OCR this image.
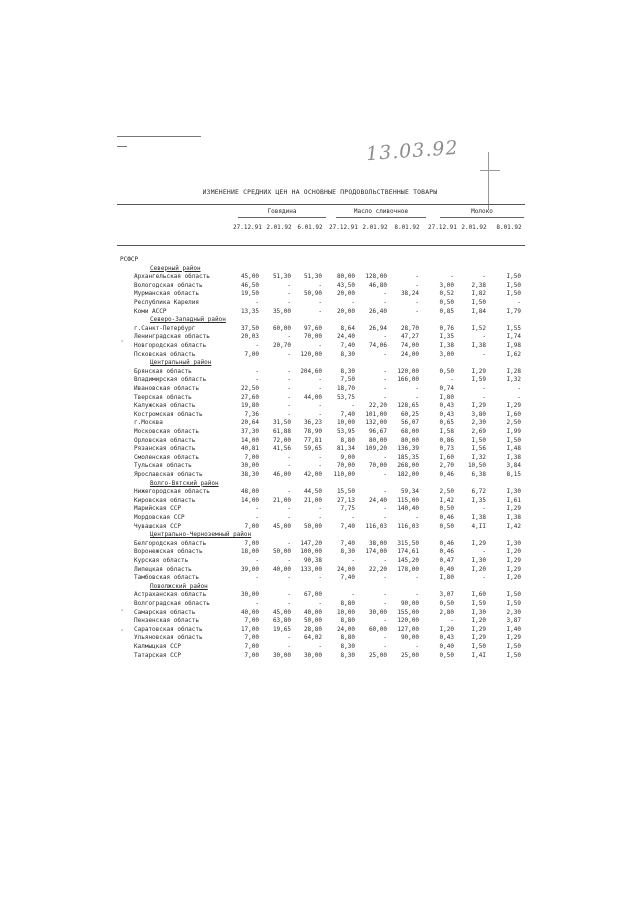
13.03.92
ИЗМЕНЕНИЕ СРЕДНИХ ЦЕН НА ОСНОВНЫЕ ПРОДОВОЛЬСТВЕННЫЕ ТОВАРЫ
Говядина
27.12.91 2.01.92 6.01.92
Масло сливочное
27.12.91 2.01.92 8.01.92
Молоко
27.12.91 2.01.92 8.01.92
РСФСР
Северный район
Архангельская область	45,00	51,30	51,30	80,00	128,00	-	-	-	I,50
Вологодская область	46,50	-	-	43,50	46,80	-	3,00	2,38	I,50
Мурманская область	19,50	-	50,90	20,00	-	38,24	0,52	I,82	I,50
Республика Карелия	-	-	-	-	-	-	0,50	I,50	-
Коми АССР	13,35	35,00	-	20,00	26,40	-	0,85	I,84	I,79
Северо-Западный район
г.Санкт-Петербург	37,50	60,00	97,60	8,64	26,94	28,70	0,76	I,52	I,55
Ленинградская область	20,03	-	70,00	24,40	-	47,27	I,35	-	I,74
Новгородская область	-	20,70	-	7,40	74,06	74,00	I,38	I,38	I,98
Псковская область	7,00	-	120,00	8,30	-	24,00	3,00	-	I,62
Центральный район
Брянская область	-	-	204,60	8,30	-	120,00	0,50	I,29	I,28
Владимирская область	-	-	-	7,50	-	166,00	-	I,59	I,32
Ивановская область	22,50	-	-	18,70	-	-	0,74	-	-
Тверская область	27,60	-	44,00	53,75	-	-	I,80	-	-
Калужская область	19,80	-	-	-	22,20	128,65	0,43	I,29	I,29
Костромская область	7,36	-	-	7,40	101,00	60,25	0,43	3,80	I,60
г.Москва	20,64	31,50	36,23	10,00	132,00	56,07	0,65	2,30	2,50
Московская область	37,30	61,88	78,90	53,95	96,67	68,00	I,58	2,69	I,99
Орловская область	14,00	72,00	77,81	8,80	80,00	80,00	0,86	I,50	I,50
Рязанская область	40,81	41,56	59,65	81,34	109,20	136,39	0,73	I,56	I,48
Смоленская область	7,00	-	-	9,00	-	185,35	I,60	I,32	I,38
Тульская область	30,00	-	-	70,00	70,00	268,00	2,70	10,50	3,84
Ярославская область	38,30	46,00	42,00	110,00	-	182,00	0,46	6,38	8,15
Волго-Вятский район
Нижегородская область	48,00	-	44,50	15,50	-	59,34	2,50	6,72	I,30
Кировская область	14,00	21,00	21,00	27,13	24,40	115,00	I,42	I,35	I,61
Марийская ССР	-	-	-	7,75	-	140,40	0,50	-	I,29
Мордовская ССР	-	-	-	-	-	-	0,46	I,38	I,38
Чувашская ССР	7,00	45,00	50,00	7,40	116,03	116,03	0,50	4,II	I,42
Центрально-Черноземный район
Белгородская область	7,00	-	147,20	7,40	38,00	315,50	0,46	I,29	I,30
Воронежская область	18,00	50,00	100,00	8,30	174,00	174,61	0,46	-	I,20
Курская область	-	-	90,38	-	-	145,20	0,47	I,30	I,29
Липецкая область	39,00	40,00	133,00	24,00	22,20	178,00	0,40	I,20	I,29
Тамбовская область	-	-	-	7,40	-	-	I,80	-	I,20
Поволжский район
Астраханская область	30,00	-	67,00	-	-	-	3,07	I,60	I,50
Волгоградская область	-	-	-	8,80	-	90,00	0,50	I,59	I,59
Самарская область	40,00	45,00	40,00	10,00	30,00	155,00	2,80	I,30	2,30
Пензенская область	7,00	63,80	50,00	8,80	-	120,00	-	I,20	3,87
Саратовская область	17,00	19,65	28,80	24,00	60,00	127,00	I,20	I,29	I,40
Ульяновская область	7,00	-	64,02	8,80	-	90,00	0,43	I,29	I,29
Калмыцкая ССР	7,00	-	-	8,30	-	-	0,40	I,50	I,50
Татарская ССР	7,00	30,00	30,00	8,30	25,00	25,00	0,50	I,4I	I,50
⸗
⸗
⸗
